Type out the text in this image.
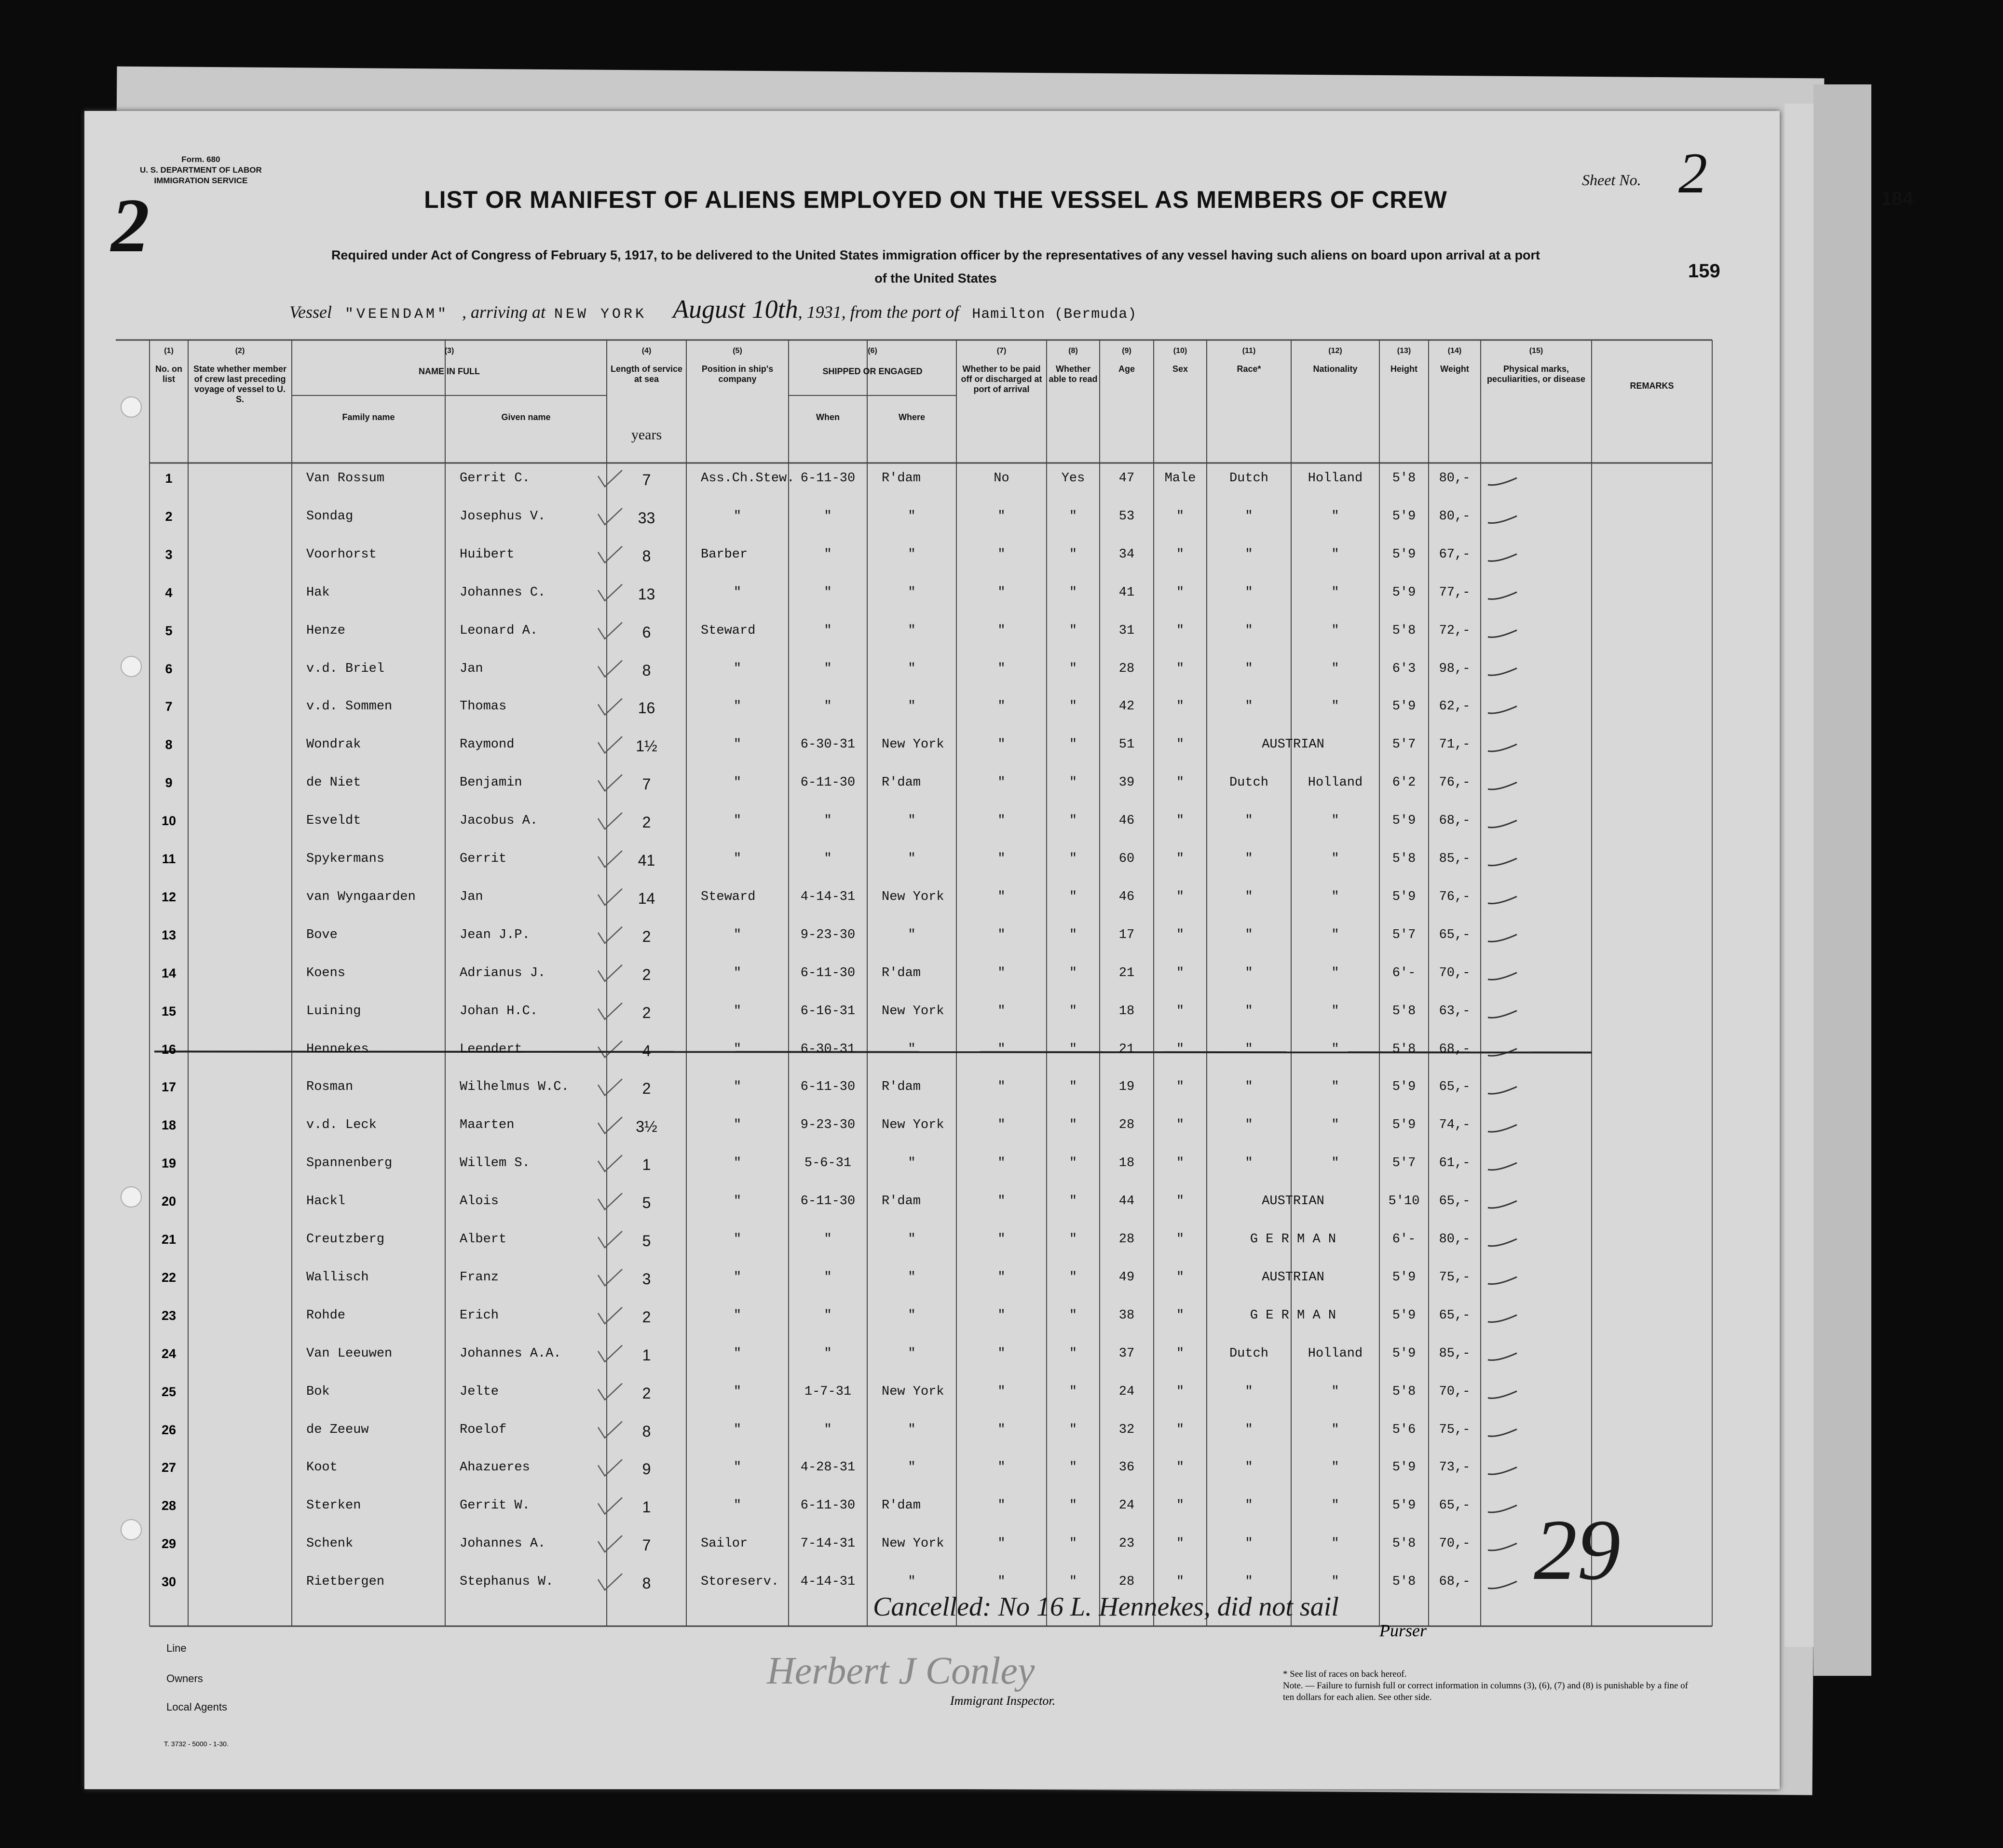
Form. 680
U. S. DEPARTMENT OF LABOR
IMMIGRATION SERVICE
2	LIST OR MANIFEST OF ALIENS EMPLOYED ON THE VESSEL AS MEMBERS OF CREW
Required under Act of Congress of February 5, 1917, to be delivered to the United States immigration officer by the representatives of any vessel having such aliens on board upon arrival at a port
of the United States
Sheet No. 2	184
159
Vessel "VEENDAM" , arriving at NEW YORK August 10th, 1931, from the port of Hamilton (Bermuda)
(1)
No. on list
(2)
State whether member of crew last preceding voyage of vessel to U. S.
(4)
Length of service at sea
(5)
Position in ship's company
(7)
Whether to be paid off or discharged at port of arrival
(8)
Whether able to read
(9)
Age
(10)
Sex
(11)
Race*
(12)
Nationality
(13)
Height
(14)
Weight
(15)
Physical marks, peculiarities, or disease
(3)
NAME IN FULL
Family name	Given name
years
(6)
SHIPPED OR ENGAGED
When	Where
REMARKS
1	Van Rossum	Gerrit C.	7	Ass.Ch.Stew. 6-11-30	R'dam	No	Yes	47	Male	Dutch	Holland	5'8	80,-
2	Sondag	Josephus V.	33	"	"	"	"	"	53	"	"	"	5'9	80,-
3	Voorhorst	Huibert	8	Barber	"	"	"	"	34	"	"	"	5'9	67,-
4	Hak	Johannes C.	13	"	"	"	"	"	41	"	"	"	5'9	77,-
5	Henze	Leonard A.	6	Steward	"	"	"	"	31	"	"	"	5'8	72,-
6	v.d. Briel	Jan	8	"	"	"	"	"	28	"	"	"	6'3	98,-
7	v.d. Sommen	Thomas	16	"	"	"	"	"	42	"	"	"	5'9	62,-
8	Wondrak	Raymond	1½	"	6-30-31	New York	"	"	51	"	AUSTRIAN	5'7	71,-
9	de Niet	Benjamin	7	"	6-11-30	R'dam	"	"	39	"	Dutch	Holland	6'2	76,-
10	Esveldt	Jacobus A.	2	"	"	"	"	"	46	"	"	"	5'9	68,-
11	Spykermans	Gerrit	41	"	"	"	"	"	60	"	"	"	5'8	85,-
12	van Wyngaarden	Jan	14	Steward	4-14-31	New York	"	"	46	"	"	"	5'9	76,-
13	Bove	Jean J.P.	2	"	9-23-30	"	"	"	17	"	"	"	5'7	65,-
14	Koens	Adrianus J.	2	"	6-11-30	R'dam	"	"	21	"	"	"	6'-	70,-
15	Luining	Johan H.C.	2	"	6-16-31	New York	"	"	18	"	"	"	5'8	63,-
16	Hennekes	Leendert	4	"	6-30-31	"	"	"	21	"	"	"	5'8	68,-
17	Rosman	Wilhelmus W.C.	2	"	6-11-30	R'dam	"	"	19	"	"	"	5'9	65,-
18	v.d. Leck	Maarten	3½	"	9-23-30	New York	"	"	28	"	"	"	5'9	74,-
19	Spannenberg	Willem S.	1	"	5-6-31	"	"	"	18	"	"	"	5'7	61,-
20	Hackl	Alois	5	"	6-11-30	R'dam	"	"	44	"	AUSTRIAN	5'10	65,-
21	Creutzberg	Albert	5	"	"	"	"	"	28	"	G E R M A N	6'-	80,-
22	Wallisch	Franz	3	"	"	"	"	"	49	"	AUSTRIAN	5'9	75,-
23	Rohde	Erich	2	"	"	"	"	"	38	"	G E R M A N	5'9	65,-
24	Van Leeuwen	Johannes A.A.	1	"	"	"	"	"	37	"	Dutch	Holland	5'9	85,-
25	Bok	Jelte	2	"	1-7-31	New York	"	"	24	"	"	"	5'8	70,-
26	de Zeeuw	Roelof	8	"	"	"	"	"	32	"	"	"	5'6	75,-
27	Koot	Ahazueres	9	"	4-28-31	"	"	"	36	"	"	"	5'9	73,-
28	Sterken	Gerrit W.	1	"	6-11-30	R'dam	"	"	24	"	"	"	5'9	65,-
29	Schenk	Johannes A.	7	Sailor	7-14-31	New York	"	"	23	"	"	"	5'8	70,-
30	Rietbergen	Stephanus W.	8	Storeserv.	4-14-31	"	"	"	28	"	"	"	5'8	68,-
Cancelled: No 16 L. Hennekes, did not sail
Purser
29
Herbert J Conley
Immigrant Inspector.
Line
Owners
Local Agents
T. 3732 - 5000 - 1-30.
* See list of races on back hereof.
Note. — Failure to furnish full or correct information in columns (3), (6), (7) and (8) is punishable by a fine of ten dollars for each alien. See other side.
